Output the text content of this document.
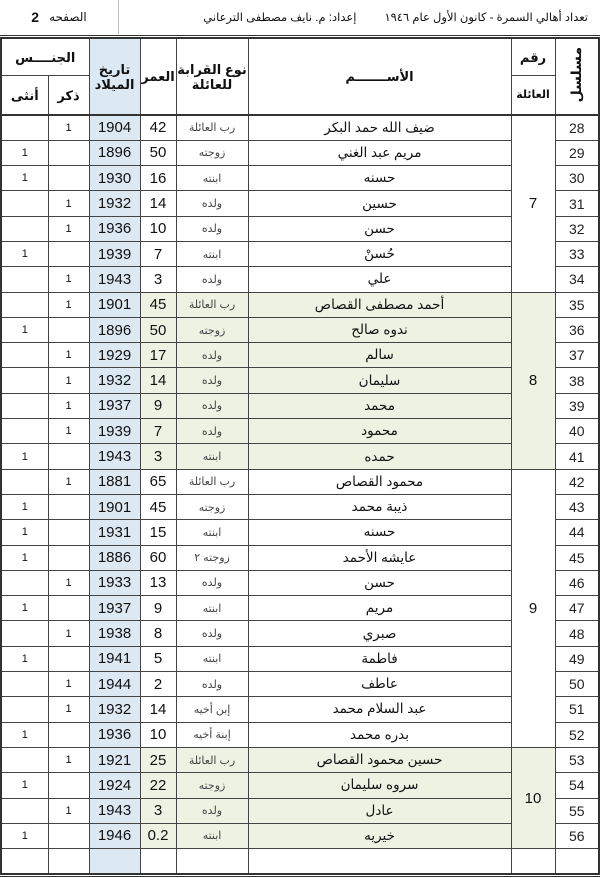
الصفحه
2	تعداد أهالي السمرة - كانون الأول عام ١٩٤٦
إعداد: م. نايف مصطفى الترعاني
مسلسل	رقم	الأســـــــم	نوع القرابة للعائلة	العمر	تاريخ الميلاد	الجنــــس	
	العائلة					ذكر	أنثى
28	7	ضيف الله حمد البكر	رب العائلة	42	1904	1	
29		مريم عبد الغني	زوجته	50	1896		1
30		حسنه	ابنته	16	1930		1
31		حسين	ولده	14	1932	1	
32		حسن	ولده	10	1936	1	
33		حُسنْ	ابنته	7	1939		1
34		علي	ولده	3	1943	1	
35	8	أحمد مصطفى القصاص	رب العائلة	45	1901	1	
36		ندوه صالح	زوجته	50	1896		1
37		سالم	ولده	17	1929	1	
38		سليمان	ولده	14	1932	1	
39		محمد	ولده	9	1937	1	
40		محمود	ولده	7	1939	1	
41		حمده	ابنته	3	1943		1
42	9	محمود القصاص	رب العائلة	65	1881	1	
43		ذيبة محمد	زوجته	45	1901		1
44		حسنه	ابنته	15	1931		1
45		عايشه الأحمد	زوجته ٢	60	1886		1
46		حسن	ولده	13	1933	1	
47		مريم	ابنته	9	1937		1
48		صبري	ولده	8	1938	1	
49		فاطمة	ابنته	5	1941		1
50		عاطف	ولده	2	1944	1	
51		عبد السلام محمد	إبن أخيه	14	1932	1	
52		بدره محمد	إبنة أخيه	10	1936		1
53	10	حسين محمود القصاص	رب العائلة	25	1921	1	
54		سروه سليمان	زوجته	22	1924		1
55		عادل	ولده	3	1943	1	
56		خيريه	ابنته	0.2	1946		1
